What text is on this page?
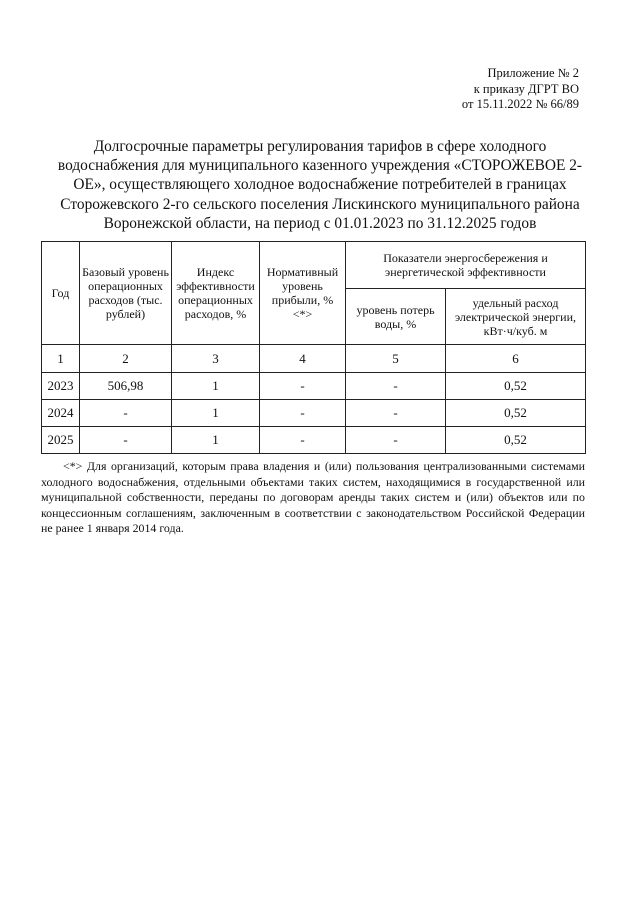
Приложение № 2
к приказу ДГРТ ВО
от 15.11.2022 № 66/89
Долгосрочные параметры регулирования тарифов в сфере холодного
водоснабжения для муниципального казенного учреждения «СТОРОЖЕВОЕ 2-
ОЕ», осуществляющего холодное водоснабжение потребителей в границах
Сторожевского 2-го сельского поселения Лискинского муниципального района
Воронежской области, на период с 01.01.2023 по 31.12.2025 годов
Год	Базовый уровень операционных расходов (тыс. рублей)	Индекс эффективности операционных расходов, %	Нормативный уровень прибыли, % <*>	Показатели энергосбережения и энергетической эффективности	
				уровень потерь воды, %	удельный расход электрической энергии, кВт·ч/куб. м
1	2	3	4	5	6
2023	506,98	1	-	-	0,52
2024	-	1	-	-	0,52
2025	-	1	-	-	0,52

<*> Для организаций, которым права владения и (или) пользования централизованными системами холодного водоснабжения, отдельными объектами таких систем, находящимися в государственной или муниципальной собственности, переданы по договорам аренды таких систем и (или) объектов или по концессионным соглашениям, заключенным в соответствии с законодательством Российской Федерации не ранее 1 января 2014 года.
